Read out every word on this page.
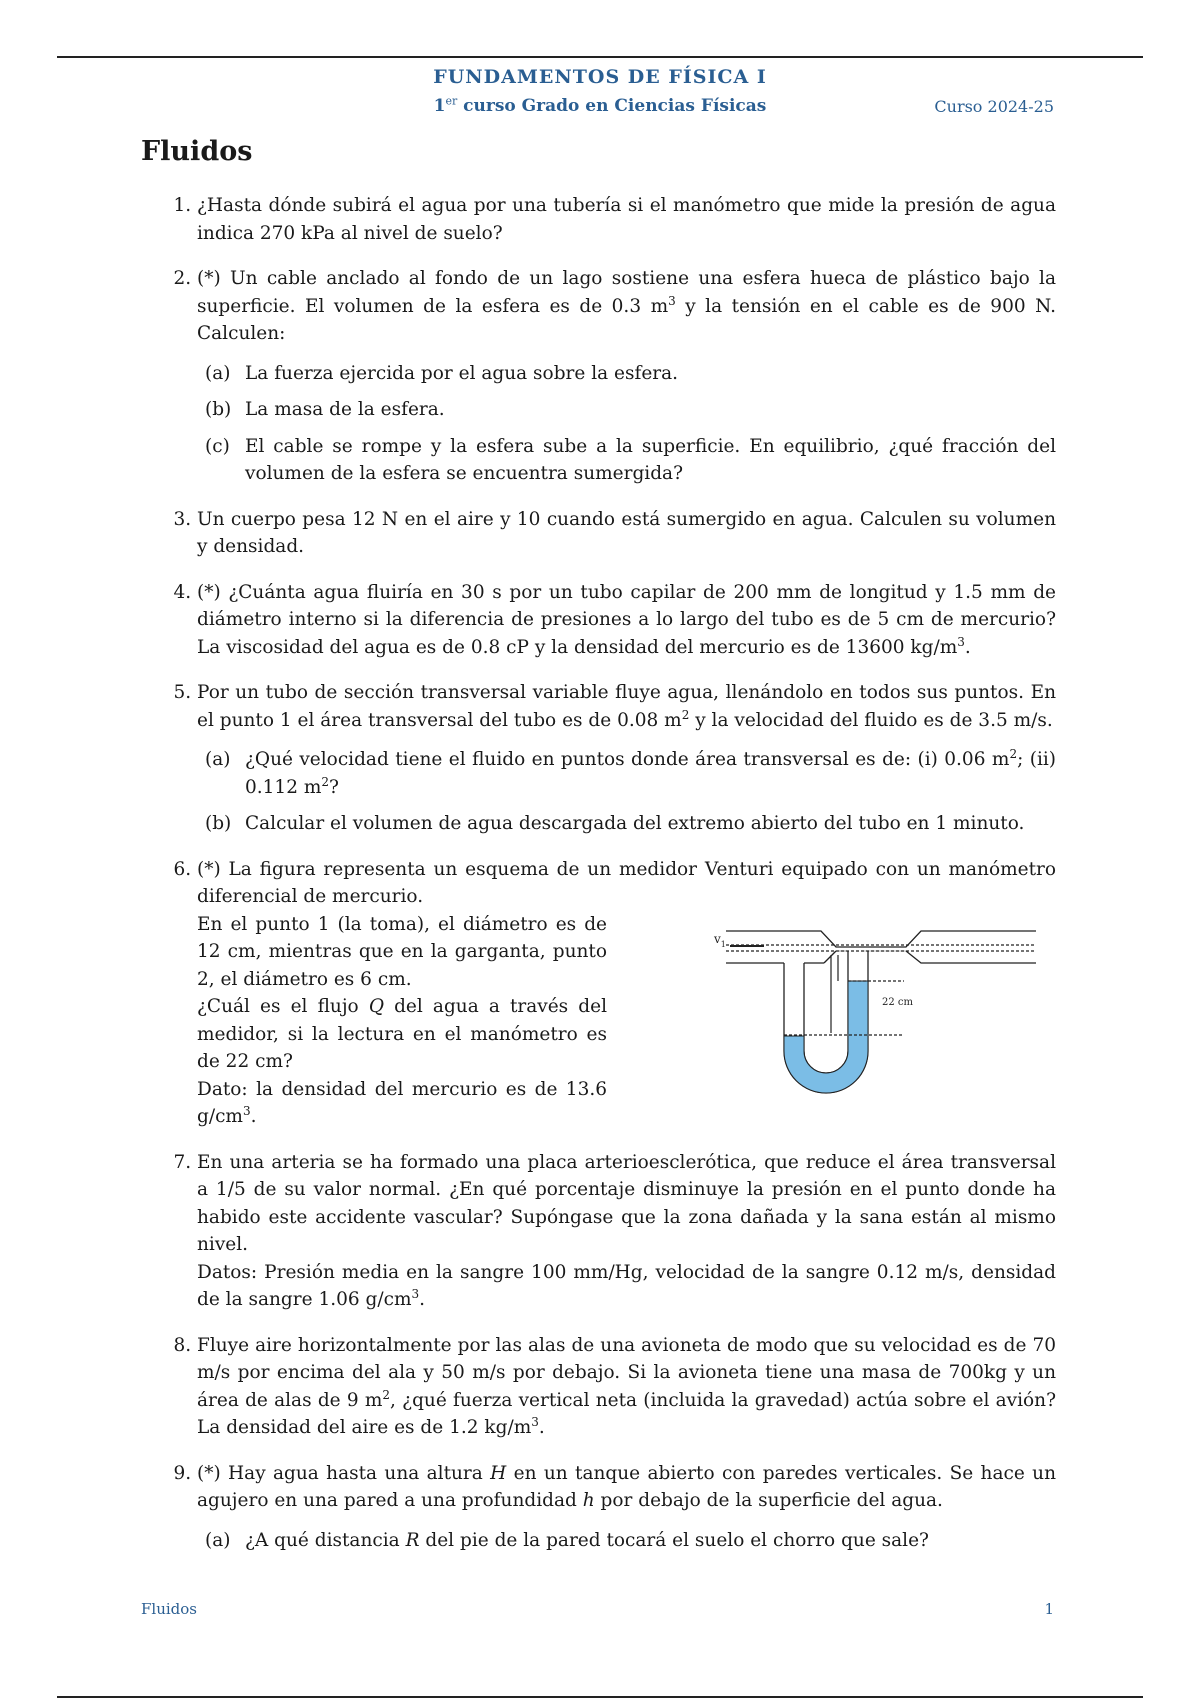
FUNDAMENTOS DE FÍSICA I
1er curso Grado en Ciencias Físicas	Curso 2024-25
Fluidos
1. ¿Hasta dónde subirá el agua por una tubería si el manómetro que mide la presión de agua indica 270 kPa al nivel de suelo?
2. (*) Un cable anclado al fondo de un lago sostiene una esfera hueca de plástico bajo la superficie. El volumen de la esfera es de 0.3 $m^3$ y la tensión en el cable es de 900 N. Calculen:
(a) La fuerza ejercida por el agua sobre la esfera.
(b) La masa de la esfera.
(c) El cable se rompe y la esfera sube a la superficie. En equilibrio, ¿qué fracción del volumen de la esfera se encuentra sumergida?
3. Un cuerpo pesa 12 N en el aire y 10 cuando está sumergido en agua. Calculen su volumen y densidad.
4. (*) ¿Cuánta agua fluiría en 30 s por un tubo capilar de 200 mm de longitud y 1.5 mm de diámetro interno si la diferencia de presiones a lo largo del tubo es de 5 cm de mercurio? La viscosidad del agua es de 0.8 cP y la densidad del mercurio es de 13600 $kg/m^3$.
5. Por un tubo de sección transversal variable fluye agua, llenándolo en todos sus puntos. En el punto 1 el área transversal del tubo es de 0.08 $m^2$ y la velocidad del fluido es de 3.5 m/s.
(a) ¿Qué velocidad tiene el fluido en puntos donde área transversal es de: (i) 0.06 $m^2$; (ii) 0.112 $m^2$?
(b) Calcular el volumen de agua descargada del extremo abierto del tubo en 1 minuto.
6. (*) La figura representa un esquema de un medidor Venturi equipado con un manómetro diferencial de mercurio.
En el punto 1 (la toma), el diámetro es de 12 cm, mientras que en la garganta, punto 2, el diámetro es 6 cm.
¿Cuál es el flujo Q del agua a través del medidor, si la lectura en el manómetro es de 22 cm?
Dato: la densidad del mercurio es de 13.6 $g/cm^3$.
$v_1$
22 cm
7. En una arteria se ha formado una placa arterioesclerótica, que reduce el área transversal a 1/5 de su valor normal. ¿En qué porcentaje disminuye la presión en el punto donde ha habido este accidente vascular? Supóngase que la zona dañada y la sana están al mismo nivel.
Datos: Presión media en la sangre 100 mm/Hg, velocidad de la sangre 0.12 m/s, densidad de la sangre 1.06 $g/cm^3$.
8. Fluye aire horizontalmente por las alas de una avioneta de modo que su velocidad es de 70 m/s por encima del ala y 50 m/s por debajo. Si la avioneta tiene una masa de 700kg y un área de alas de 9 $m^2$, ¿qué fuerza vertical neta (incluida la gravedad) actúa sobre el avión? La densidad del aire es de 1.2 $kg/m^3$.
9. (*) Hay agua hasta una altura H en un tanque abierto con paredes verticales. Se hace un agujero en una pared a una profundidad h por debajo de la superficie del agua.
(a) ¿A qué distancia R del pie de la pared tocará el suelo el chorro que sale?
Fluidos	1
